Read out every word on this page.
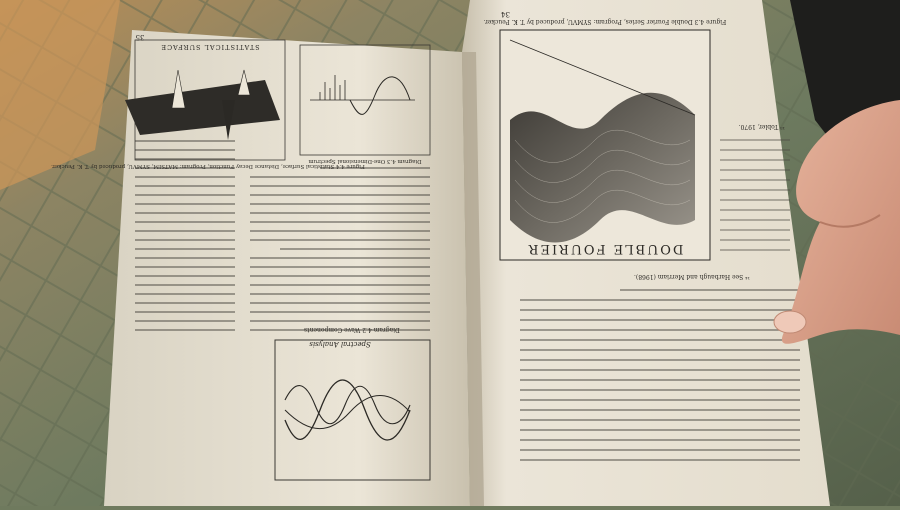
Diagram 4.2 Wave Components
STATISTICAL SURFACE
Figure 4.4 Statistical Surface, Distance Decay Function, Program: MATSIM, SYMVU, produced by T. K. Peucker.
Diagram 4.3 One-Dimensional Spectrum
Spectral Analysis
35
¹⁴ See Harbaugh and Merriam (1968).
DOUBLE FOURIER
Figure 4.3 Double Fourier Series, Program: SYMVU, produced by T. K. Peucker.
34
¹⁵ Tobler, 1970.
